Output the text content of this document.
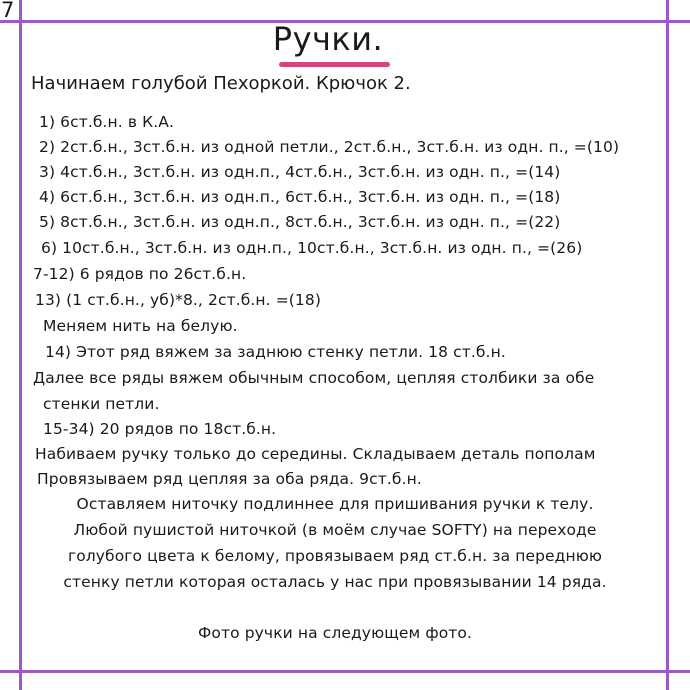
7
Ручки.
Начинаем голубой Пехоркой. Крючок 2.
1) 6ст.б.н. в К.А.
2) 2ст.б.н., 3ст.б.н. из одной петли., 2ст.б.н., 3ст.б.н. из одн. п., =(10)
3) 4ст.б.н., 3ст.б.н. из одн.п., 4ст.б.н., 3ст.б.н. из одн. п., =(14)
4) 6ст.б.н., 3ст.б.н. из одн.п., 6ст.б.н., 3ст.б.н. из одн. п., =(18)
5) 8ст.б.н., 3ст.б.н. из одн.п., 8ст.б.н., 3ст.б.н. из одн. п., =(22)
6) 10ст.б.н., 3ст.б.н. из одн.п., 10ст.б.н., 3ст.б.н. из одн. п., =(26)
7-12) 6 рядов по 26ст.б.н.
13) (1 ст.б.н., уб)*8., 2ст.б.н. =(18)
Меняем нить на белую.
14) Этот ряд вяжем за заднюю стенку петли. 18 ст.б.н.
Далее все ряды вяжем обычным способом, цепляя столбики за обе
стенки петли.
15-34) 20 рядов по 18ст.б.н.
Набиваем ручку только до середины. Складываем деталь пополам
Провязываем ряд цепляя за оба ряда. 9ст.б.н.
Оставляем ниточку подлиннее для пришивания ручки к телу.
Любой пушистой ниточкой (в моём случае SOFTY) на переходе
голубого цвета к белому, провязываем ряд ст.б.н. за переднюю
стенку петли которая осталась у нас при провязывании 14 ряда.
Фото ручки на следующем фото.
